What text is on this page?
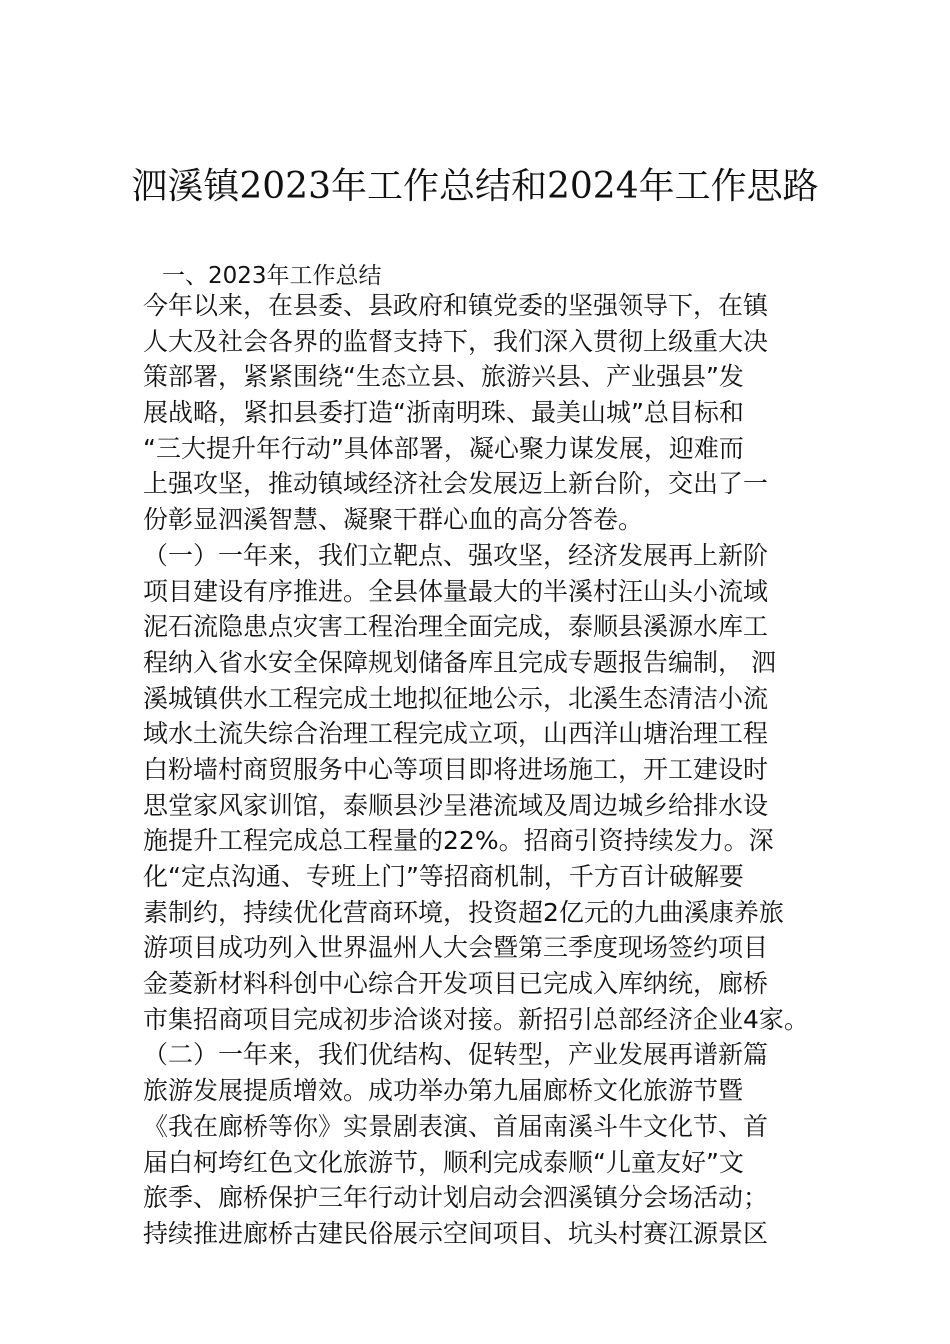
泗溪镇2023年工作总结和2024年工作思路
一、2023年工作总结
今年以来，在县委、县政府和镇党委的坚强领导下，在镇
人大及社会各界的监督支持下，我们深入贯彻上级重大决
策部署，紧紧围绕“生态立县、旅游兴县、产业强县”发
展战略，紧扣县委打造“浙南明珠、最美山城”总目标和
“三大提升年行动”具体部署，凝心聚力谋发展，迎难而
上强攻坚，推动镇域经济社会发展迈上新台阶，交出了一
份彰显泗溪智慧、凝聚干群心血的高分答卷。
（一）一年来，我们立靶点、强攻坚，经济发展再上新阶
项目建设有序推进。全县体量最大的半溪村汪山头小流域
泥石流隐患点灾害工程治理全面完成，泰顺县溪源水库工
程纳入省水安全保障规划储备库且完成专题报告编制， 泗
溪城镇供水工程完成土地拟征地公示，北溪生态清洁小流
域水土流失综合治理工程完成立项，山西洋山塘治理工程
白粉墙村商贸服务中心等项目即将进场施工，开工建设时
思堂家风家训馆，泰顺县沙呈港流域及周边城乡给排水设
施提升工程完成总工程量的22%。招商引资持续发力。深
化“定点沟通、专班上门”等招商机制，千方百计破解要
素制约，持续优化营商环境，投资超2亿元的九曲溪康养旅
游项目成功列入世界温州人大会暨第三季度现场签约项目
金菱新材料科创中心综合开发项目已完成入库纳统，廊桥
市集招商项目完成初步洽谈对接。新招引总部经济企业4家。
（二）一年来，我们优结构、促转型，产业发展再谱新篇
旅游发展提质增效。成功举办第九届廊桥文化旅游节暨
《我在廊桥等你》实景剧表演、首届南溪斗牛文化节、首
届白柯垮红色文化旅游节，顺利完成泰顺“儿童友好”文
旅季、廊桥保护三年行动计划启动会泗溪镇分会场活动；
持续推进廊桥古建民俗展示空间项目、坑头村赛江源景区
